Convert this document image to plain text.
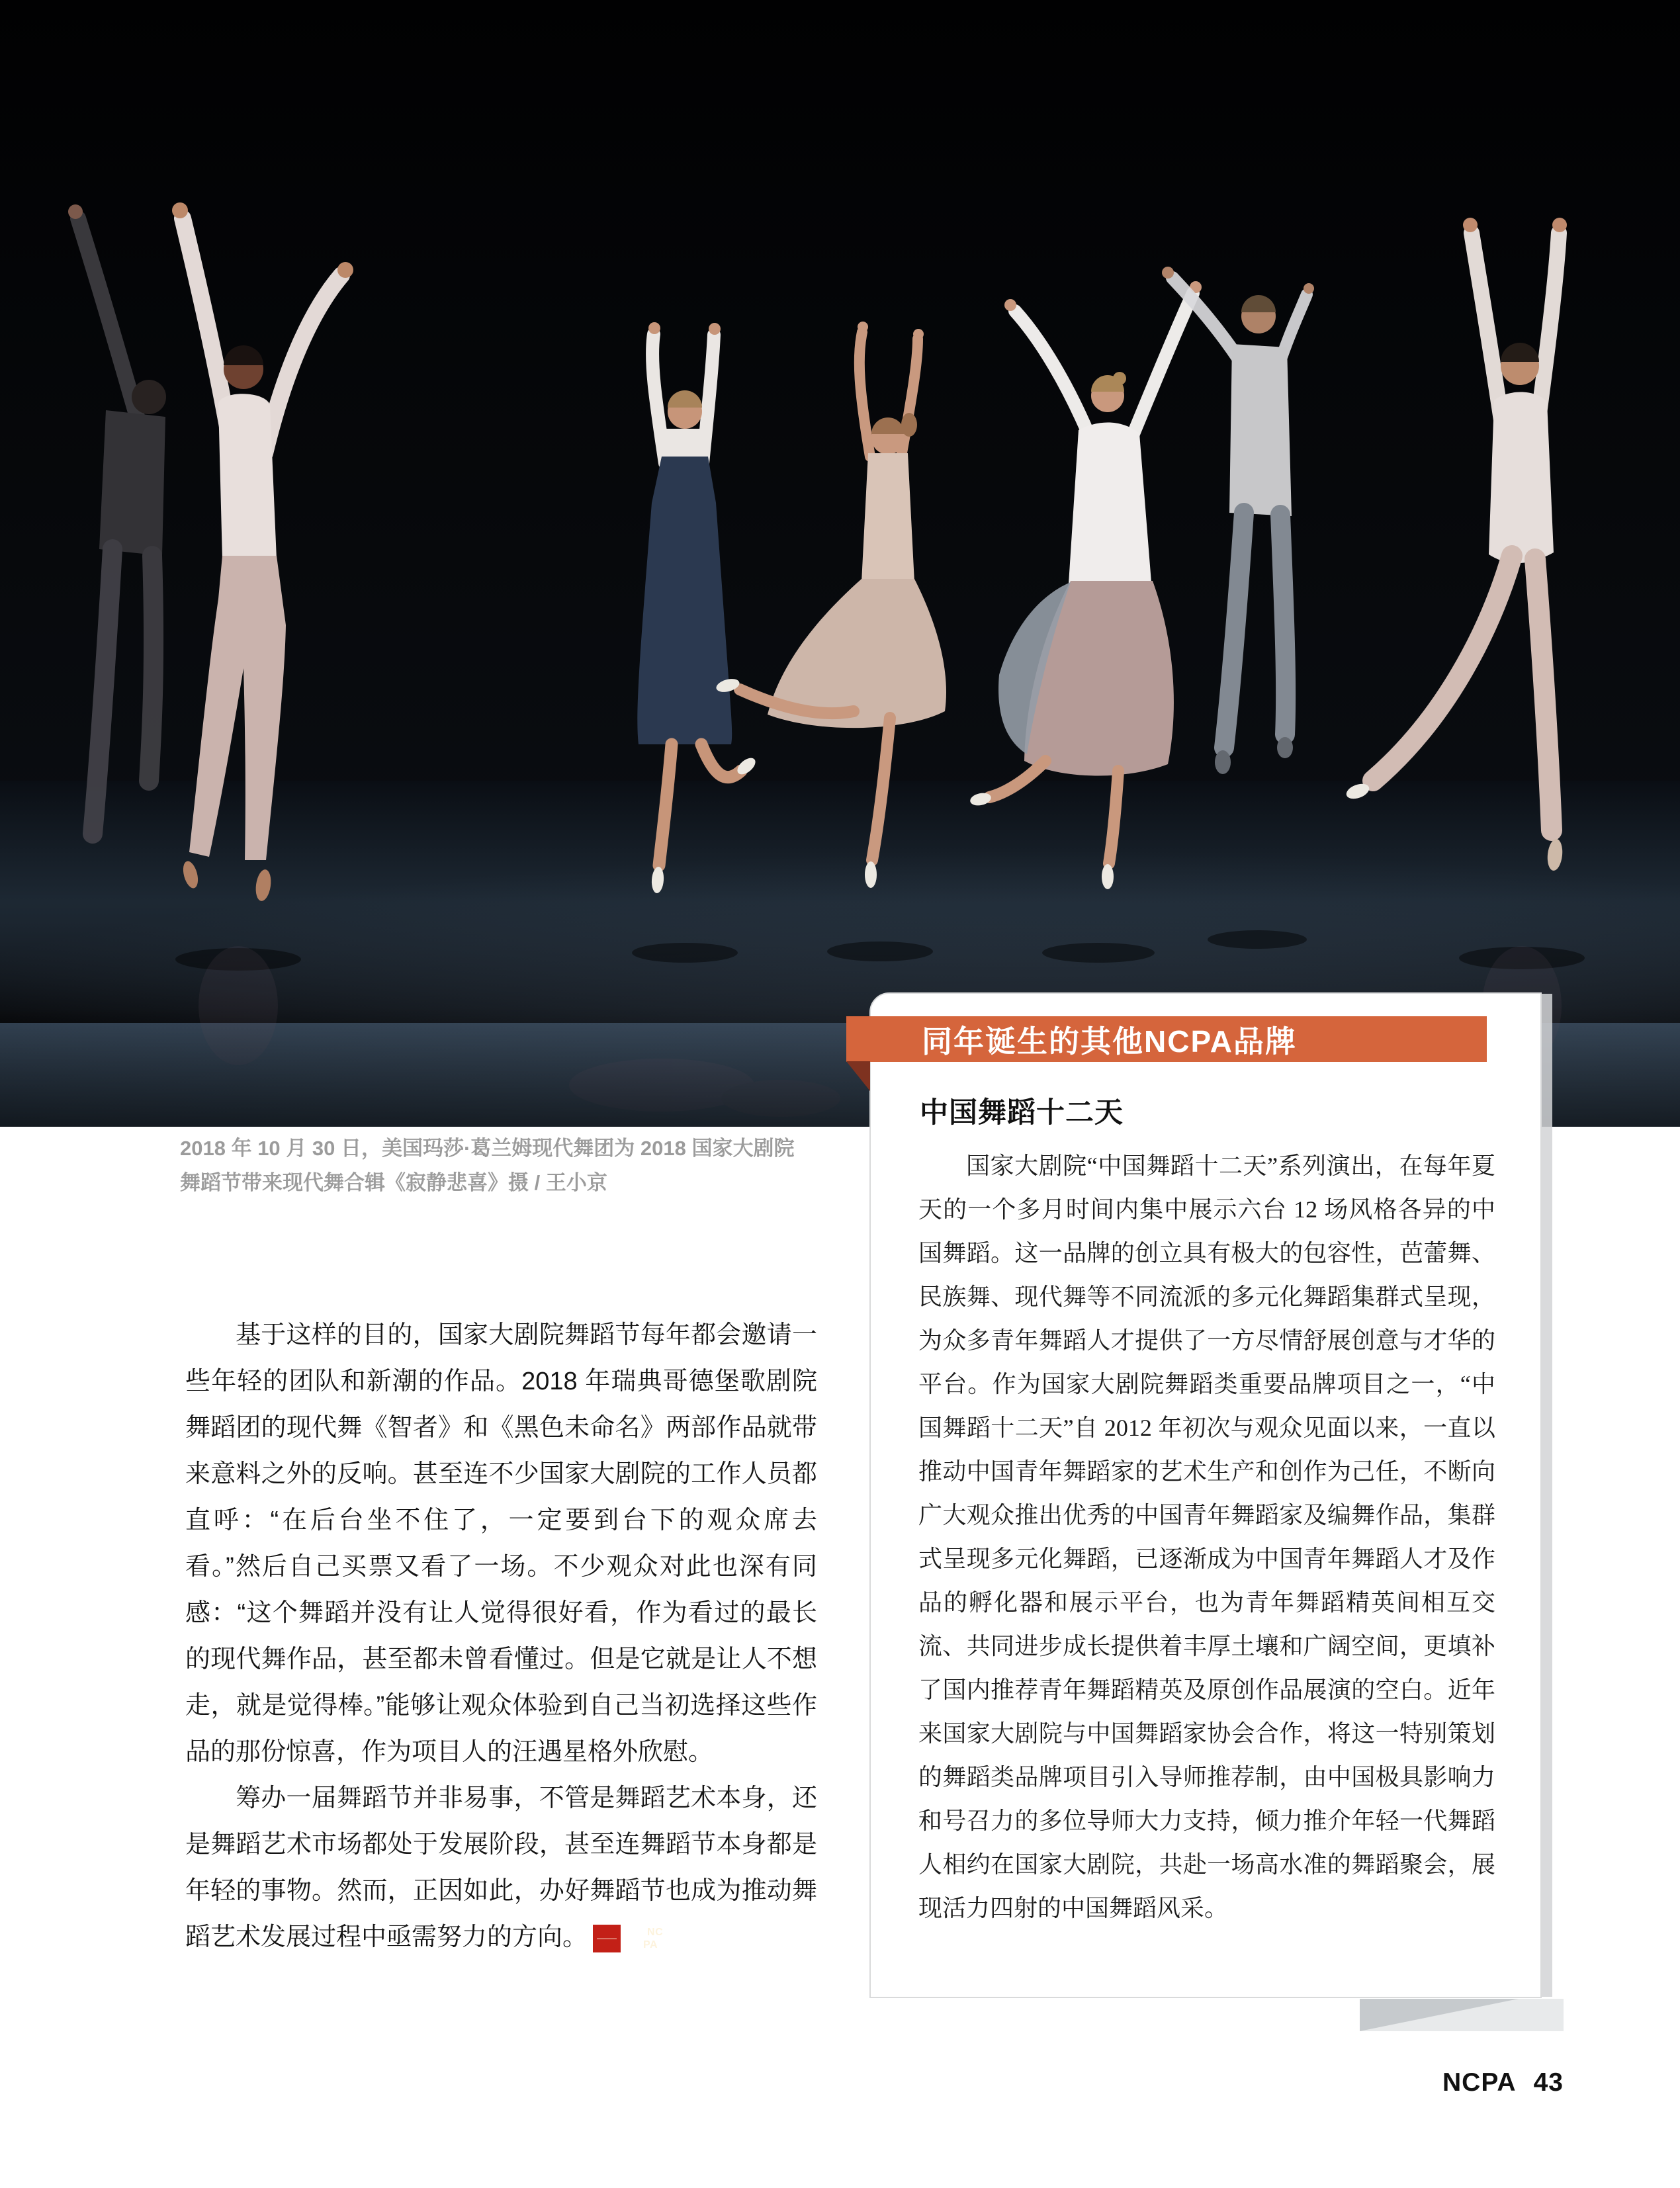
2018 年 10 月 30 日，美国玛莎·葛兰姆现代舞团为 2018 国家大剧院
舞蹈节带来现代舞合辑《寂静悲喜》摄 / 王小京

基于这样的目的，国家大剧院舞蹈节每年都会邀请一些年轻的团队和新潮的作品。2018 年瑞典哥德堡歌剧院舞蹈团的现代舞《智者》和《黑色未命名》两部作品就带来意料之外的反响。甚至连不少国家大剧院的工作人员都直呼：“在后台坐不住了，一定要到台下的观众席去看。”然后自己买票又看了一场。不少观众对此也深有同感：“这个舞蹈并没有让人觉得很好看，作为看过的最长的现代舞作品，甚至都未曾看懂过。但是它就是让人不想走，就是觉得棒。”能够让观众体验到自己当初选择这些作品的那份惊喜，作为项目人的汪遇星格外欣慰。

筹办一届舞蹈节并非易事，不管是舞蹈艺术本身，还是舞蹈艺术市场都处于发展阶段，甚至连舞蹈节本身都是年轻的事物。然而，正因如此，办好舞蹈节也成为推动舞蹈艺术发展过程中亟需努力的方向。 $\frac{NC}{PA}$

中国舞蹈十二天
国家大剧院“中国舞蹈十二天”系列演出，在每年夏天的一个多月时间内集中展示六台 12 场风格各异的中国舞蹈。这一品牌的创立具有极大的包容性，芭蕾舞、民族舞、现代舞等不同流派的多元化舞蹈集群式呈现，为众多青年舞蹈人才提供了一方尽情舒展创意与才华的平台。作为国家大剧院舞蹈类重要品牌项目之一，“中国舞蹈十二天”自 2012 年初次与观众见面以来，一直以推动中国青年舞蹈家的艺术生产和创作为己任，不断向广大观众推出优秀的中国青年舞蹈家及编舞作品，集群式呈现多元化舞蹈，已逐渐成为中国青年舞蹈人才及作品的孵化器和展示平台，也为青年舞蹈精英间相互交流、共同进步成长提供着丰厚土壤和广阔空间，更填补了国内推荐青年舞蹈精英及原创作品展演的空白。近年来国家大剧院与中国舞蹈家协会合作，将这一特别策划的舞蹈类品牌项目引入导师推荐制，由中国极具影响力和号召力的多位导师大力支持，倾力推介年轻一代舞蹈人相约在国家大剧院，共赴一场高水准的舞蹈聚会，展现活力四射的中国舞蹈风采。
同年诞生的其他NCPA品牌
NCPA 43
